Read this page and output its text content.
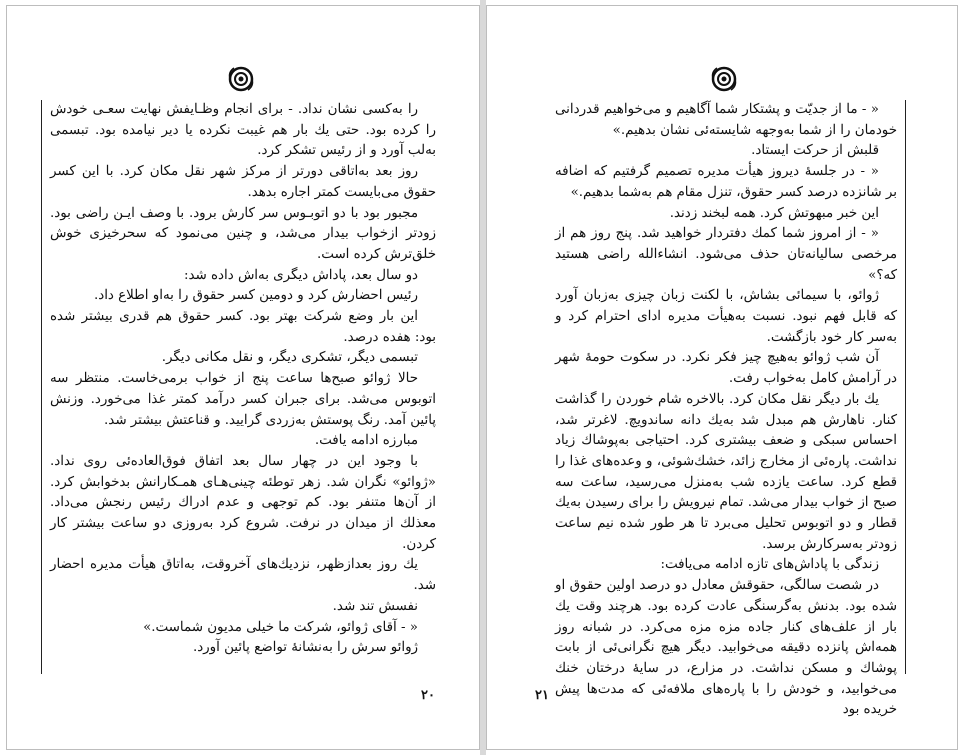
را به‌کسی نشان نداد. - برای انجام وظـایفش نهایت سعـی خودش را کرده بود. حتی یك بار هم غیبت نکرده یا دیر نیامده بود. تبسمی به‌لب آورد و از رئیس تشکر کرد.

روز بعد به‌اتاقی دورتر از مرکز شهر نقل مکان کرد. با این کسر حقوق می‌بایست کمتر اجاره بدهد.

مجبور بود با دو اتوبـوس سر کارش برود. با وصف ایـن راضی بود. زودتر ازخواب بیدار می‌شد، و چنین می‌نمود که سحرخیزی خوش خلق‌ترش کرده است.

دو سال بعد، پاداش دیگری به‌اش داده شد:

رئیس احضارش کرد و دومین کسر حقوق را به‌او اطلاع داد.

این بار وضع شرکت بهتر بود. کسر حقوق هم قدری بیشتر شده بود: هفده درصد.

تبسمی دیگر، تشکری دیگر، و نقل مکانی دیگر.

حالا ژوائو صبح‌ها ساعت پنج از خواب برمی‌خاست. منتظر سه اتوبوس می‌شد. برای جبران کسر درآمد کمتر غذا می‌خورد. وزنش پائین آمد. رنگ پوستش به‌زردی گرایید. و قناعتش بیشتر شد.

مبارزه ادامه یافت.

با وجود این در چهار سال بعد اتفاق فوق‌العاده‌ئی روی نداد. «ژوائو» نگران شد. زهر توطئه چینی‌هـای همـکارانش بدخوابش کرد. از آن‌ها متنفر بود. کم توجهی و عدم ادراك رئیس رنجش می‌داد. معذلك از میدان در نرفت. شروع کرد به‌روزی دو ساعت بیشتر کار کردن.

یك روز بعدازظهر، نزدیك‌های آخروقت، به‌اتاق هیأت مدیره احضار شد.

نفسش تند شد.

« - آقای ژوائو، شرکت ما خیلی مدیون شماست.»

ژوائو سرش را به‌نشانهٔ تواضع پائین آورد.

۲۰

« - ما از جدیّت و پشتکار شما آگاهیم و می‌خواهیم قدردانی خودمان را از شما به‌وجهه شایسته‌ئی نشان بدهیم.»

قلبش از حرکت ایستاد.

« - در جلسهٔ دیروز هیأت مدیره تصمیم گرفتیم که اضافه بر شانزده درصد کسر حقوق، تنزل مقام هم به‌شما بدهیم.»

این خبر مبهوتش کرد. همه لبخند زدند.

« - از امروز شما کمك دفتردار خواهید شد. پنج روز هم از مرخصی سالیانه‌تان حذف می‌شود. انشاءالله راضی هستید که؟»

ژوائو، با سیمائی بشاش، با لکنت زبان چیزی بەزبان آورد که قابل فهم نبود. نسبت به‌هیأت مدیره ادای احترام کرد و به‌سر کار خود بازگشت.

آن شب ژوائو به‌هیچ چیز فکر نکرد. در سکوت حومهٔ شهر در آرامش کامل به‌خواب رفت.

یك بار دیگر نقل مکان کرد. بالاخره شام خوردن را گذاشت کنار. ناهارش هم مبدل شد به‌یك دانه ساندویچ. لاغرتر شد، احساس سبکی و ضعف بیشتری کرد. احتیاجی به‌پوشاك زیاد نداشت. پاره‌ئی از مخارج زائد، خشك‌شوئی، و وعده‌های غذا را قطع کرد. ساعت یازده شب به‌منزل می‌رسید، ساعت سه صبح از خواب بیدار می‌شد. تمام نیرویش را برای رسیدن به‌یك قطار و دو اتوبوس تحلیل می‌برد تا هر طور شده نیم ساعت زودتر به‌سرکارش برسد.

زندگی با پاداش‌های تازه ادامه می‌یافت:

در شصت سالگی، حقوقش معادل دو درصد اولین حقوق او شده بود. بدنش به‌گرسنگی عادت کرده بود. هرچند وقت یك بار از علف‌های کنار جاده مزه مزه می‌کرد. در شبانه روز همه‌اش پانزده دقیقه می‌خوابید. دیگر هیچ نگرانی‌ئی از بابت پوشاك و مسکن نداشت. در مزارع، در سایهٔ درختان خنك می‌خوابید، و خودش را با پاره‌های ملافه‌ئی که مدت‌ها پیش خریده بود

۲۱
